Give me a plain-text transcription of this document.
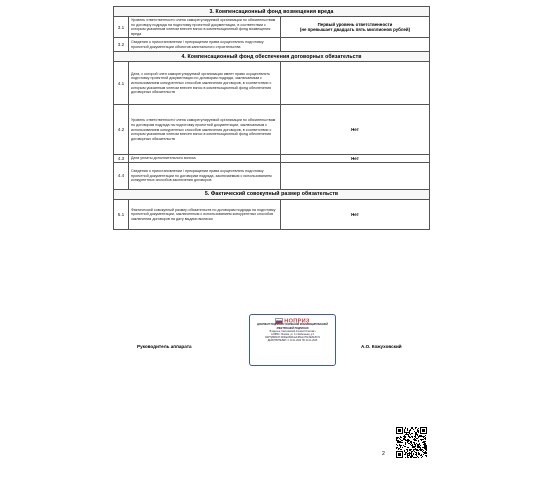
3. Компенсационный фонд возмещения вреда		
3.1	Уровень ответственности члена саморегулируемой организации по обязательствам по договору подряда на подготовку проектной документации, в соответствии с которым указанным членом внесен взнос в компенсационный фонд возмещения вреда	Первый уровень ответственности
(не превышает двадцать пять миллионов рублей)
3.2	Сведения о приостановлении / прекращении права осуществлять подготовку проектной документации объектов капитального строительства	
4. Компенсационный фонд обеспечения договорных обязательств		
4.1	Дата, с которой член саморегулируемой организации имеет право осуществлять подготовку проектной документации по договорам подряда, заключаемым с использованием конкурентных способов заключения договоров, в соответствии с которым указанным членом внесен взнос в компенсационный фонд обеспечения договорных обязательств	
4.2	Уровень ответственности члена саморегулируемой организации по обязательствам по договорам подряда на подготовку проектной документации, заключаемым с использованием конкурентных способов заключения договоров, в соответствии с которым указанным членом внесен взнос в компенсационный фонд обеспечения договорных обязательств	Нет
4.3	Дата уплаты дополнительного взноса	Нет
4.4	Сведения о приостановлении / прекращении права осуществлять подготовку проектной документации по договорам подряда, заключаемым с использованием конкурентных способов заключения договоров	
5. Фактический совокупный размер обязательств		
5.1	Фактический совокупный размер обязательств по договорам подряда на подготовку проектной документации, заключенным с использованием конкурентных способов заключения договоров на дату выдачи выписки	Нет
Руководитель аппарата	А.О. Кожуховский
НОПРИЗ
ДОКУМЕНТ ПОДПИСАН УСИЛЕННОЙ КВАЛИФИЦИРОВАННОЙ
ЭЛЕКТРОННОЙ ПОДПИСЬЮ
Владелец: Кожуховский Алексей Олегович
123986 г. Москва, ул. 3-я Кабельная, д.3
СЕРТИФИКАТ 0946a2d90b1e44f5a1c7f0c3d28e5b71
ДЕЙСТВИТЕЛЕН: С 10.11.2024 ПО 10.11.2025
2
